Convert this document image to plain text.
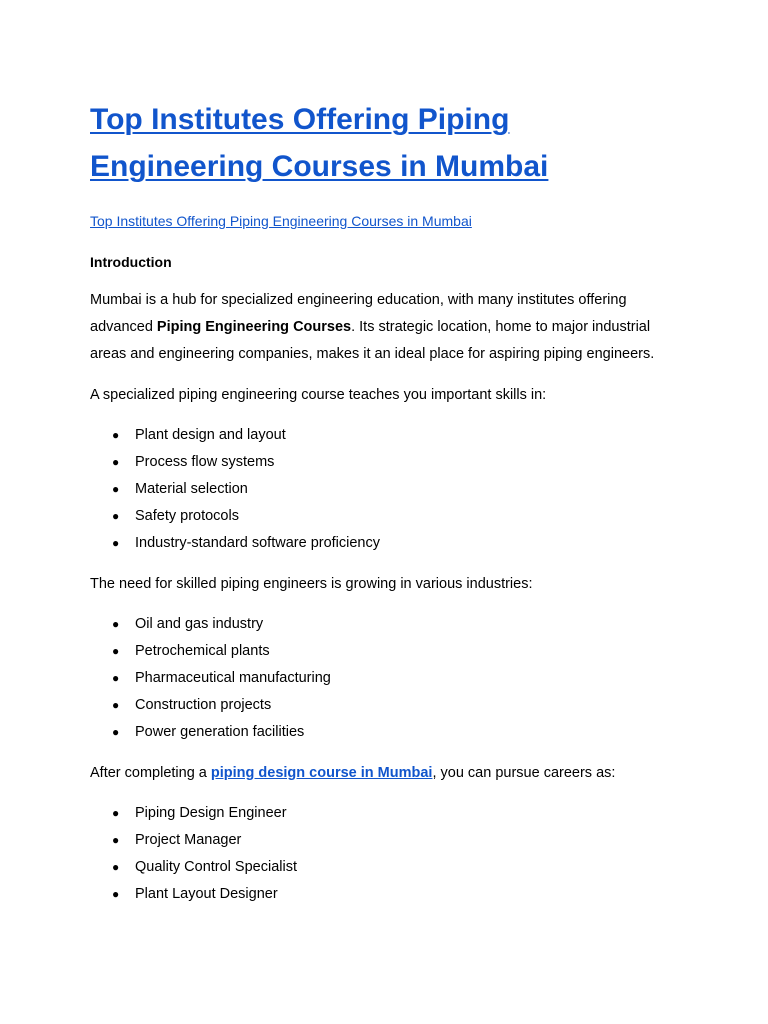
Top Institutes Offering Piping Engineering Courses in Mumbai
Top Institutes Offering Piping Engineering Courses in Mumbai
Introduction

Mumbai is a hub for specialized engineering education, with many institutes offering advanced Piping Engineering Courses. Its strategic location, home to major industrial areas and engineering companies, makes it an ideal place for aspiring piping engineers.

A specialized piping engineering course teaches you important skills in:

● Plant design and layout
● Process flow systems
● Material selection
● Safety protocols
● Industry-standard software proficiency

The need for skilled piping engineers is growing in various industries:

● Oil and gas industry
● Petrochemical plants
● Pharmaceutical manufacturing
● Construction projects
● Power generation facilities

After completing a piping design course in Mumbai, you can pursue careers as:

● Piping Design Engineer
● Project Manager
● Quality Control Specialist
● Plant Layout Designer
